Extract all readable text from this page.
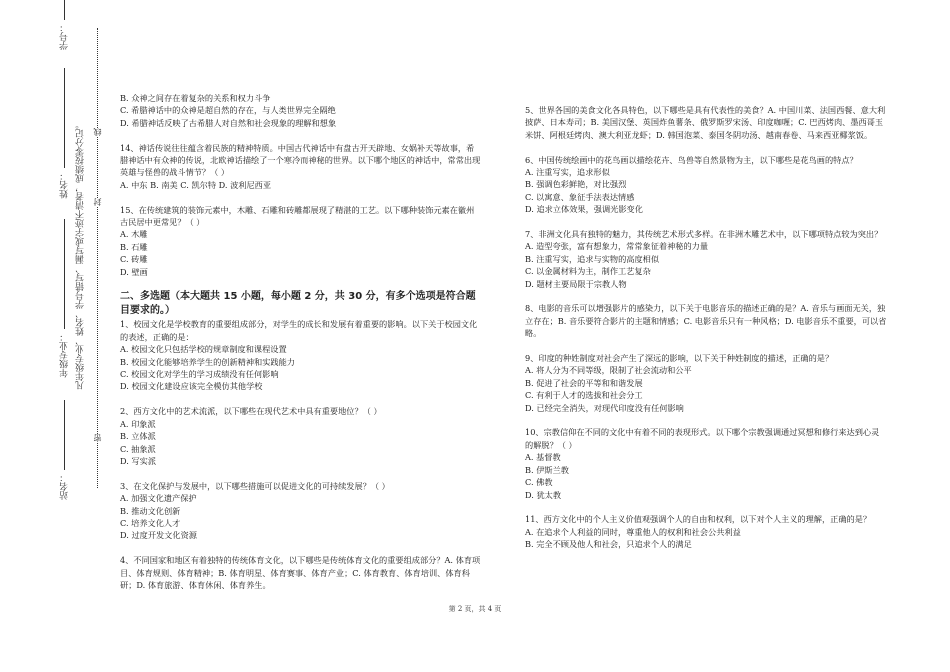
站名：  年级专业：  姓名：  学号：
凡年级专业、姓名、学号错写、漏写或字迹不清者，成绩按零分记。
密
封
线

B. 众神之间存在着复杂的关系和权力斗争

C. 希腊神话中的众神是超自然的存在，与人类世界完全隔绝

D. 希腊神话反映了古希腊人对自然和社会现象的理解和想象

14、神话传说往往蕴含着民族的精神特质。中国古代神话中有盘古开天辟地、女娲补天等故事，希腊神话中有众神的传说，北欧神话描绘了一个寒冷而神秘的世界。以下哪个地区的神话中，常常出现英雄与怪兽的战斗情节？（ ）

A. 中东 B. 南美 C. 凯尔特 D. 波利尼西亚

15、在传统建筑的装饰元素中，木雕、石雕和砖雕都展现了精湛的工艺。以下哪种装饰元素在徽州古民居中更常见？（ ）

A. 木雕

B. 石雕

C. 砖雕

D. 壁画

二、多选题（本大题共 15 小题，每小题 2 分，共 30 分，有多个选项是符合题目要求的。）

1、校园文化是学校教育的重要组成部分，对学生的成长和发展有着重要的影响。以下关于校园文化的表述，正确的是：

A. 校园文化只包括学校的规章制度和课程设置

B. 校园文化能够培养学生的创新精神和实践能力

C. 校园文化对学生的学习成绩没有任何影响

D. 校园文化建设应该完全模仿其他学校

2、西方文化中的艺术流派，以下哪些在现代艺术中具有重要地位？（ ）

A. 印象派

B. 立体派

C. 抽象派

D. 写实派

3、在文化保护与发展中，以下哪些措施可以促进文化的可持续发展？（ ）

A. 加强文化遗产保护

B. 推动文化创新

C. 培养文化人才

D. 过度开发文化资源

4、不同国家和地区有着独特的传统体育文化，以下哪些是传统体育文化的重要组成部分？A. 体育项目、体育规则、体育精神；B. 体育明星、体育赛事、体育产业；C. 体育教育、体育培训、体育科研；D. 体育旅游、体育休闲、体育养生。

5、世界各国的美食文化各具特色，以下哪些是具有代表性的美食？A. 中国川菜、法国西餐、意大利披萨、日本寿司；B. 美国汉堡、英国炸鱼薯条、俄罗斯罗宋汤、印度咖喱；C. 巴西烤肉、墨西哥玉米饼、阿根廷烤肉、澳大利亚龙虾；D. 韩国泡菜、泰国冬阴功汤、越南春卷、马来西亚椰浆饭。

6、中国传统绘画中的花鸟画以描绘花卉、鸟兽等自然景物为主，以下哪些是花鸟画的特点？

A. 注重写实，追求形似

B. 强调色彩鲜艳，对比强烈

C. 以寓意、象征手法表达情感

D. 追求立体效果，强调光影变化

7、非洲文化具有独特的魅力，其传统艺术形式多样。在非洲木雕艺术中，以下哪项特点较为突出？

A. 造型夸张，富有想象力，常常象征着神秘的力量

B. 注重写实，追求与实物的高度相似

C. 以金属材料为主，制作工艺复杂

D. 题材主要局限于宗教人物

8、电影的音乐可以增强影片的感染力，以下关于电影音乐的描述正确的是？A. 音乐与画面无关，独立存在；B. 音乐要符合影片的主题和情感；C. 电影音乐只有一种风格；D. 电影音乐不重要，可以省略。

9、印度的种姓制度对社会产生了深远的影响，以下关于种姓制度的描述，正确的是？

A. 将人分为不同等级，限制了社会流动和公平

B. 促进了社会的平等和和谐发展

C. 有利于人才的选拔和社会分工

D. 已经完全消失，对现代印度没有任何影响

10、宗教信仰在不同的文化中有着不同的表现形式。以下哪个宗教强调通过冥想和修行来达到心灵的解脱？（ ）

A. 基督教

B. 伊斯兰教

C. 佛教

D. 犹太教

11、西方文化中的个人主义价值观强调个人的自由和权利，以下对个人主义的理解，正确的是？

A. 在追求个人利益的同时，尊重他人的权利和社会公共利益

B. 完全不顾及他人和社会，只追求个人的满足

第 2 页，共 4 页
